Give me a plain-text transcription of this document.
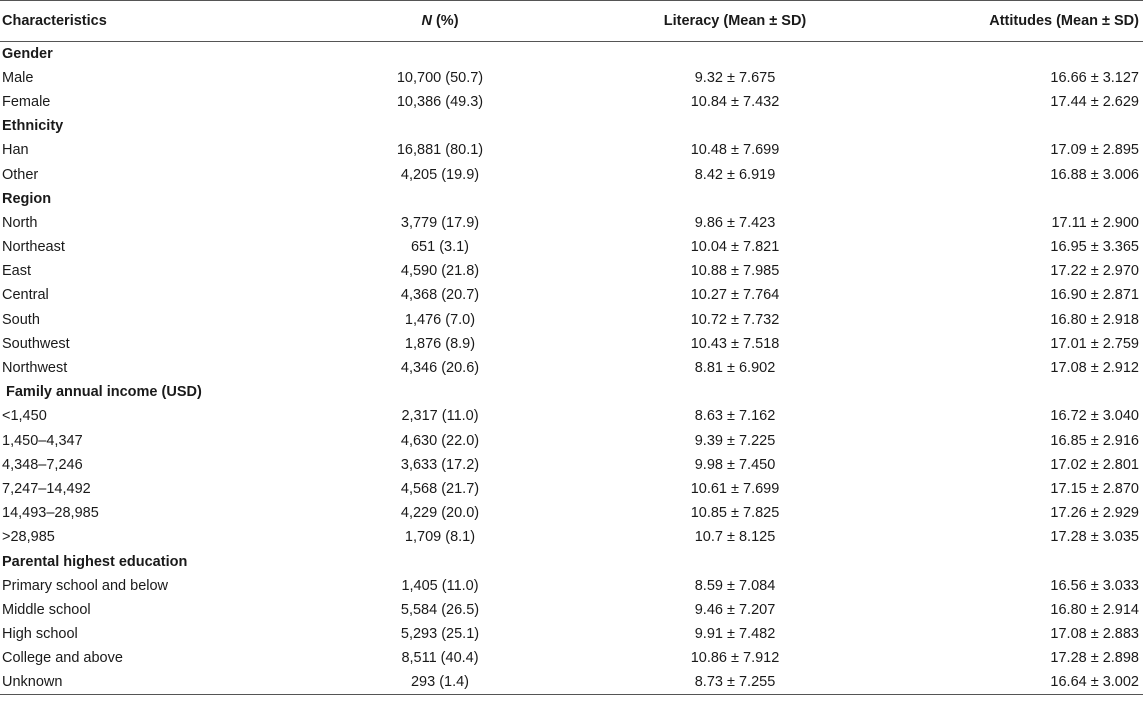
Characteristics	N (%)	Literacy (Mean ± SD)	Attitudes (Mean ± SD)
Gender			
Male	10,700 (50.7)	9.32 ± 7.675	16.66 ± 3.127
Female	10,386 (49.3)	10.84 ± 7.432	17.44 ± 2.629
Ethnicity			
Han	16,881 (80.1)	10.48 ± 7.699	17.09 ± 2.895
Other	4,205 (19.9)	8.42 ± 6.919	16.88 ± 3.006
Region			
North	3,779 (17.9)	9.86 ± 7.423	17.11 ± 2.900
Northeast	651 (3.1)	10.04 ± 7.821	16.95 ± 3.365
East	4,590 (21.8)	10.88 ± 7.985	17.22 ± 2.970
Central	4,368 (20.7)	10.27 ± 7.764	16.90 ± 2.871
South	1,476 (7.0)	10.72 ± 7.732	16.80 ± 2.918
Southwest	1,876 (8.9)	10.43 ± 7.518	17.01 ± 2.759
Northwest	4,346 (20.6)	8.81 ± 6.902	17.08 ± 2.912
Family annual income (USD)			
<1,450	2,317 (11.0)	8.63 ± 7.162	16.72 ± 3.040
1,450–4,347	4,630 (22.0)	9.39 ± 7.225	16.85 ± 2.916
4,348–7,246	3,633 (17.2)	9.98 ± 7.450	17.02 ± 2.801
7,247–14,492	4,568 (21.7)	10.61 ± 7.699	17.15 ± 2.870
14,493–28,985	4,229 (20.0)	10.85 ± 7.825	17.26 ± 2.929
>28,985	1,709 (8.1)	10.7 ± 8.125	17.28 ± 3.035
Parental highest education			
Primary school and below	1,405 (11.0)	8.59 ± 7.084	16.56 ± 3.033
Middle school	5,584 (26.5)	9.46 ± 7.207	16.80 ± 2.914
High school	5,293 (25.1)	9.91 ± 7.482	17.08 ± 2.883
College and above	8,511 (40.4)	10.86 ± 7.912	17.28 ± 2.898
Unknown	293 (1.4)	8.73 ± 7.255	16.64 ± 3.002
